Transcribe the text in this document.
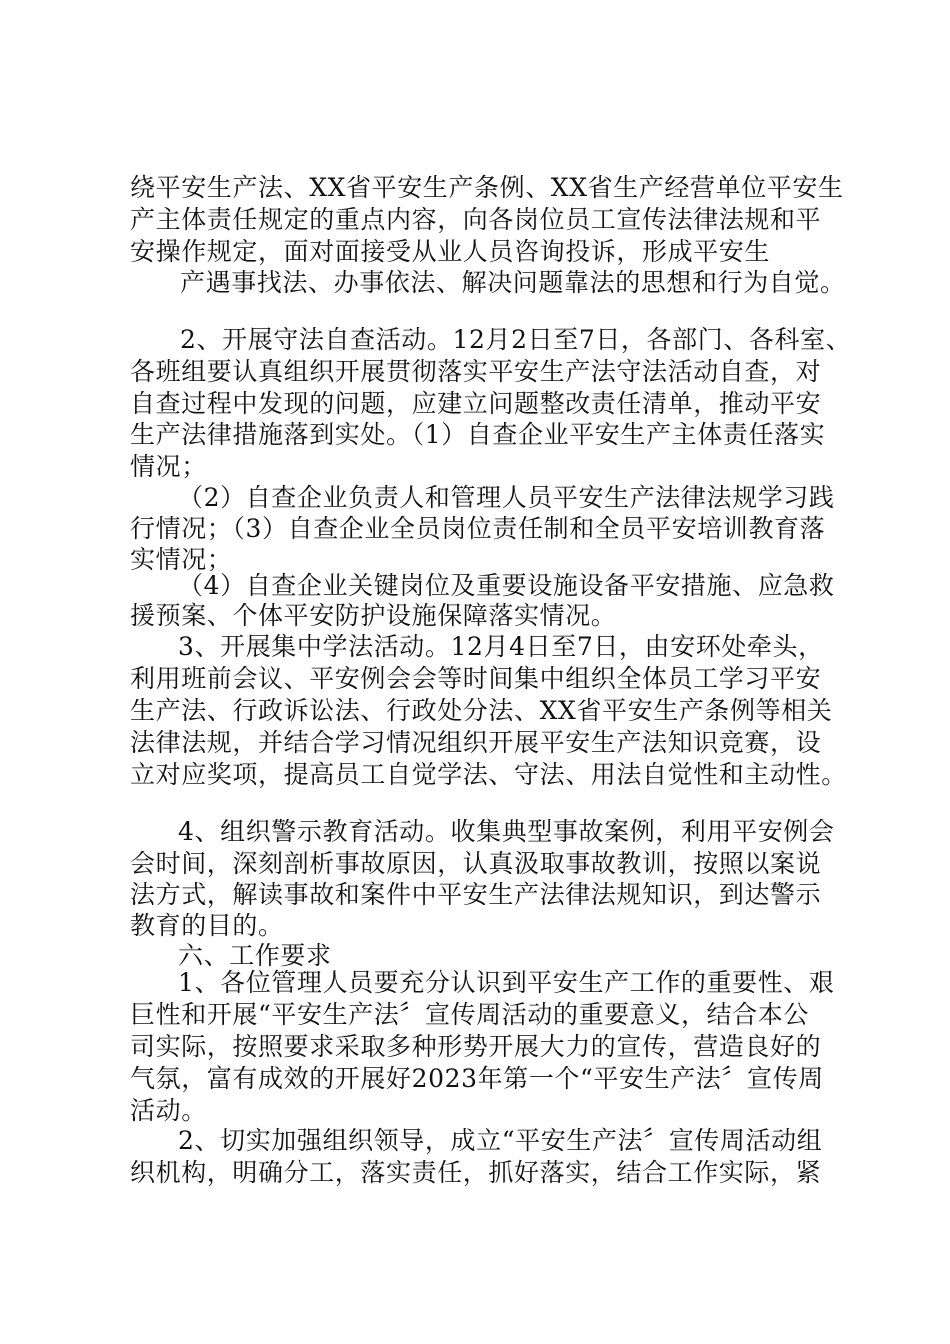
绕平安生产法、XX省平安生产条例、XX省生产经营单位平安生
产主体责任规定的重点内容，向各岗位员工宣传法律法规和平
安操作规定，面对面接受从业人员咨询投诉，形成平安生
产遇事找法、办事依法、解决问题靠法的思想和行为自觉。
2、开展守法自查活动。12月2日至7日，各部门、各科室、
各班组要认真组织开展贯彻落实平安生产法守法活动自查，对
自查过程中发现的问题，应建立问题整改责任清单，推动平安
生产法律措施落到实处。（1）自查企业平安生产主体责任落实
情况；
（2）自查企业负责人和管理人员平安生产法律法规学习践
行情况；（3）自查企业全员岗位责任制和全员平安培训教育落
实情况；
（4）自查企业关键岗位及重要设施设备平安措施、应急救
援预案、个体平安防护设施保障落实情况。
3、开展集中学法活动。12月4日至7日，由安环处牵头，
利用班前会议、平安例会会等时间集中组织全体员工学习平安
生产法、行政诉讼法、行政处分法、XX省平安生产条例等相关
法律法规，并结合学习情况组织开展平安生产法知识竞赛，设
立对应奖项，提高员工自觉学法、守法、用法自觉性和主动性。
4、组织警示教育活动。收集典型事故案例，利用平安例会
会时间，深刻剖析事故原因，认真汲取事故教训，按照以案说
法方式，解读事故和案件中平安生产法律法规知识，到达警示
教育的目的。
六、工作要求
1、各位管理人员要充分认识到平安生产工作的重要性、艰
巨性和开展“平安生产法〞宣传周活动的重要意义，结合本公
司实际，按照要求采取多种形势开展大力的宣传，营造良好的
气氛，富有成效的开展好2023年第一个“平安生产法〞宣传周
活动。
2、切实加强组织领导，成立“平安生产法〞宣传周活动组
织机构，明确分工，落实责任，抓好落实，结合工作实际，紧
